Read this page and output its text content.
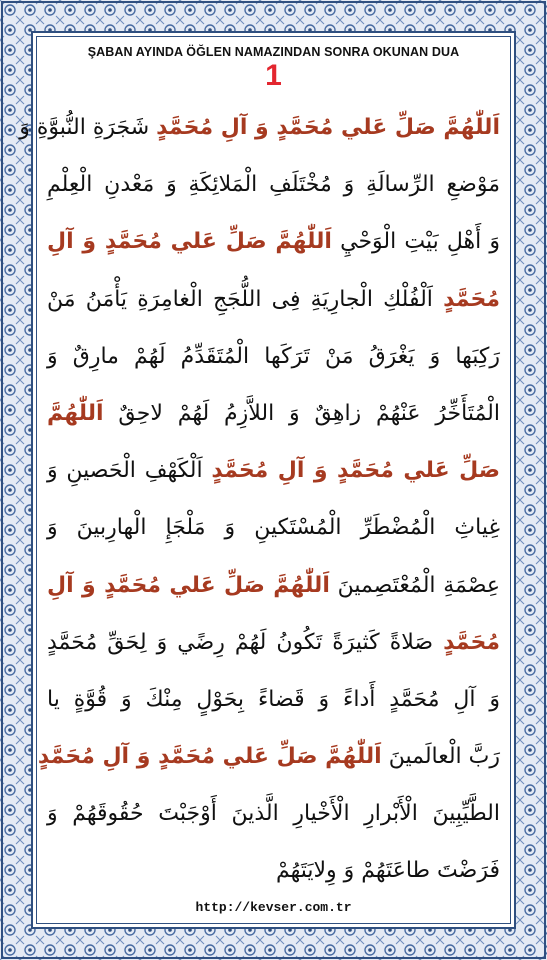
ŞABAN AYINDA ÖĞLEN NAMAZINDAN SONRA OKUNAN DUA
1
اَللّٰهُمَّ صَلِّ عَلي مُحَمَّدٍ وَ آلِ مُحَمَّدٍ شَجَرَةِ النُّبوَّةِ وَ
مَوْضعِ الرِّسالَةِ وَ مُخْتَلَفِ الْمَلائِكَةِ وَ مَعْدنِ الْعِلْمِ
وَ أَهْلِ بَيْتِ الْوَحْيِ اَللّٰهُمَّ صَلِّ عَلي مُحَمَّدٍ وَ آلِ
مُحَمَّدٍ اَلْفُلْكِ الْجارِيَةِ فِى اللُّجَجِ الْغامِرَةِ يَأْمَنُ مَنْ
رَكِبَها وَ يَغْرَقُ مَنْ تَرَكَها الْمُتَقَدِّمُ لَهُمْ مارِقٌ وَ
الْمُتَأَخِّرُ عَنْهُمْ زاهِقٌ وَ اللاَّزِمُ لَهُمْ لاحِقٌ اَللّٰهُمَّ
صَلِّ عَلي مُحَمَّدٍ وَ آلِ مُحَمَّدٍ اَلْكَهْفِ الْحَصينِ وَ
غِياثِ الْمُضْطَرِّ الْمُسْتَكينِ وَ مَلْجَإِ الْهارِبينَ وَ
عِصْمَةِ الْمُعْتَصِمينَ اَللّٰهُمَّ صَلِّ عَلي مُحَمَّدٍ وَ آلِ
مُحَمَّدٍ صَلاةً كَثيرَةً تَكُونُ لَهُمْ رِضًي وَ لِحَقِّ مُحَمَّدٍ
وَ آلِ مُحَمَّدٍ أَداءً وَ قَضاءً بِحَوْلٍ مِنْكَ وَ قُوَّةٍ يا
رَبَّ الْعالَمينَ اَللّٰهُمَّ صَلِّ عَلي مُحَمَّدٍ وَ آلِ مُحَمَّدٍ
الطَّيِّبِينَ الْأَبْرارِ الْأَخْيارِ الَّذينَ أَوْجَبْتَ حُقُوقَهُمْ وَ
فَرَضْتَ طاعَتَهُمْ وَ وِلايَتَهُمْ
http://kevser.com.tr
